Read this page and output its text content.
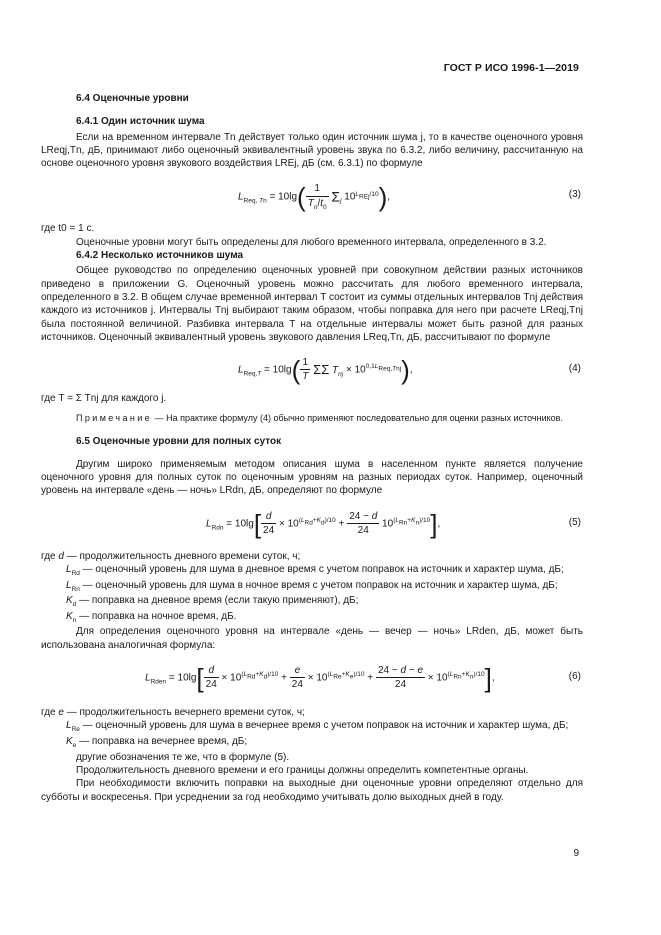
ГОСТ Р ИСО 1996-1—2019

6.4 Оценочные уровни

6.4.1 Один источник шума

Если на временном интервале Tn действует только один источник шума j, то в качестве оценочного уровня LReqj,Tn, дБ, принимают либо оценочный эквивалентный уровень звука по 6.3.2, либо величину, рассчитанную на основе оценочного уровня звукового воздействия LREj, дБ (см. 6.3.1) по формуле

$L_{Req, Tn} = 10\lg( \frac{1}{T_n/t_0} \Sigma_j$ $10^{L_{REj}/10}$),	(3)

где t0 = 1 с.

Оценочные уровни могут быть определены для любого временного интервала, определенного в 3.2.

6.4.2 Несколько источников шума

Общее руководство по определению оценочных уровней при совокупном действии разных источников приведено в приложении G. Оценочный уровень можно рассчитать для любого временного интервала, определенного в 3.2. В общем случае временной интервал T состоит из суммы отдельных интервалов Tnj действия каждого из источников j. Интервалы Tnj выбирают таким образом, чтобы поправка для него при расчете LReqj,Tnj была постоянной величиной. Разбивка интервала T на отдельные интервалы может быть разной для разных источников. Оценочный эквивалентный уровень звукового давления LReq,Tn, дБ, рассчитывают по формуле

$L_{Req,T} = 10\lg( \frac{1}{T}$ ΣΣ $T_{nj} \times 10^{0,1L_{Req,Tnj}}$),	(4)

где T = Σ Tnj для каждого j.

Примечание — На практике формулу (4) обычно применяют последовательно для оценки разных источников.

6.5 Оценочные уровни для полных суток

Другим широко применяемым методом описания шума в населенном пункте является получение оценочного уровня для полных суток по оценочным уровням на разных периодах суток. Например, оценочный уровень на интервале «день — ночь» LRdn, дБ, определяют по формуле

$L_{Rdn} = 10\lg[ \frac{d}{24} \times 10^{(L_{Rd}+K_d)/10} + \frac{24 - d}{24} 10^{(L_{Rn}+K_n)/10}]$,	(5)

где d — продолжительность дневного времени суток, ч;

$L_{Rd}$ — оценочный уровень для шума в дневное время с учетом поправок на источник и характер шума, дБ;

$L_{Rn}$ — оценочный уровень для шума в ночное время с учетом поправок на источник и характер шума, дБ;

$K_d$ — поправка на дневное время (если такую применяют), дБ;

$K_n$ — поправка на ночное время, дБ.

Для определения оценочного уровня на интервале «день — вечер — ночь» LRden, дБ, может быть использована аналогичная формула:

$L_{Rden} = 10\lg[ \frac{d}{24} \times 10^{(L_{Rd}+K_d)/10} + \frac{e}{24} \times 10^{(L_{Re}+K_e)/10} + \frac{24 - d - e}{24} \times 10^{(L_{Rn}+K_n)/10}]$,	(6)

где e — продолжительность вечернего времени суток, ч;

$L_{Re}$ — оценочный уровень для шума в вечернее время с учетом поправок на источник и характер шума, дБ;

$K_e$ — поправка на вечернее время, дБ;

другие обозначения те же, что в формуле (5).

Продолжительность дневного времени и его границы должны определить компетентные органы.

При необходимости включить поправки на выходные дни оценочные уровни определяют отдельно для субботы и воскресенья. При усреднении за год необходимо учитывать долю выходных дней в году.

9
